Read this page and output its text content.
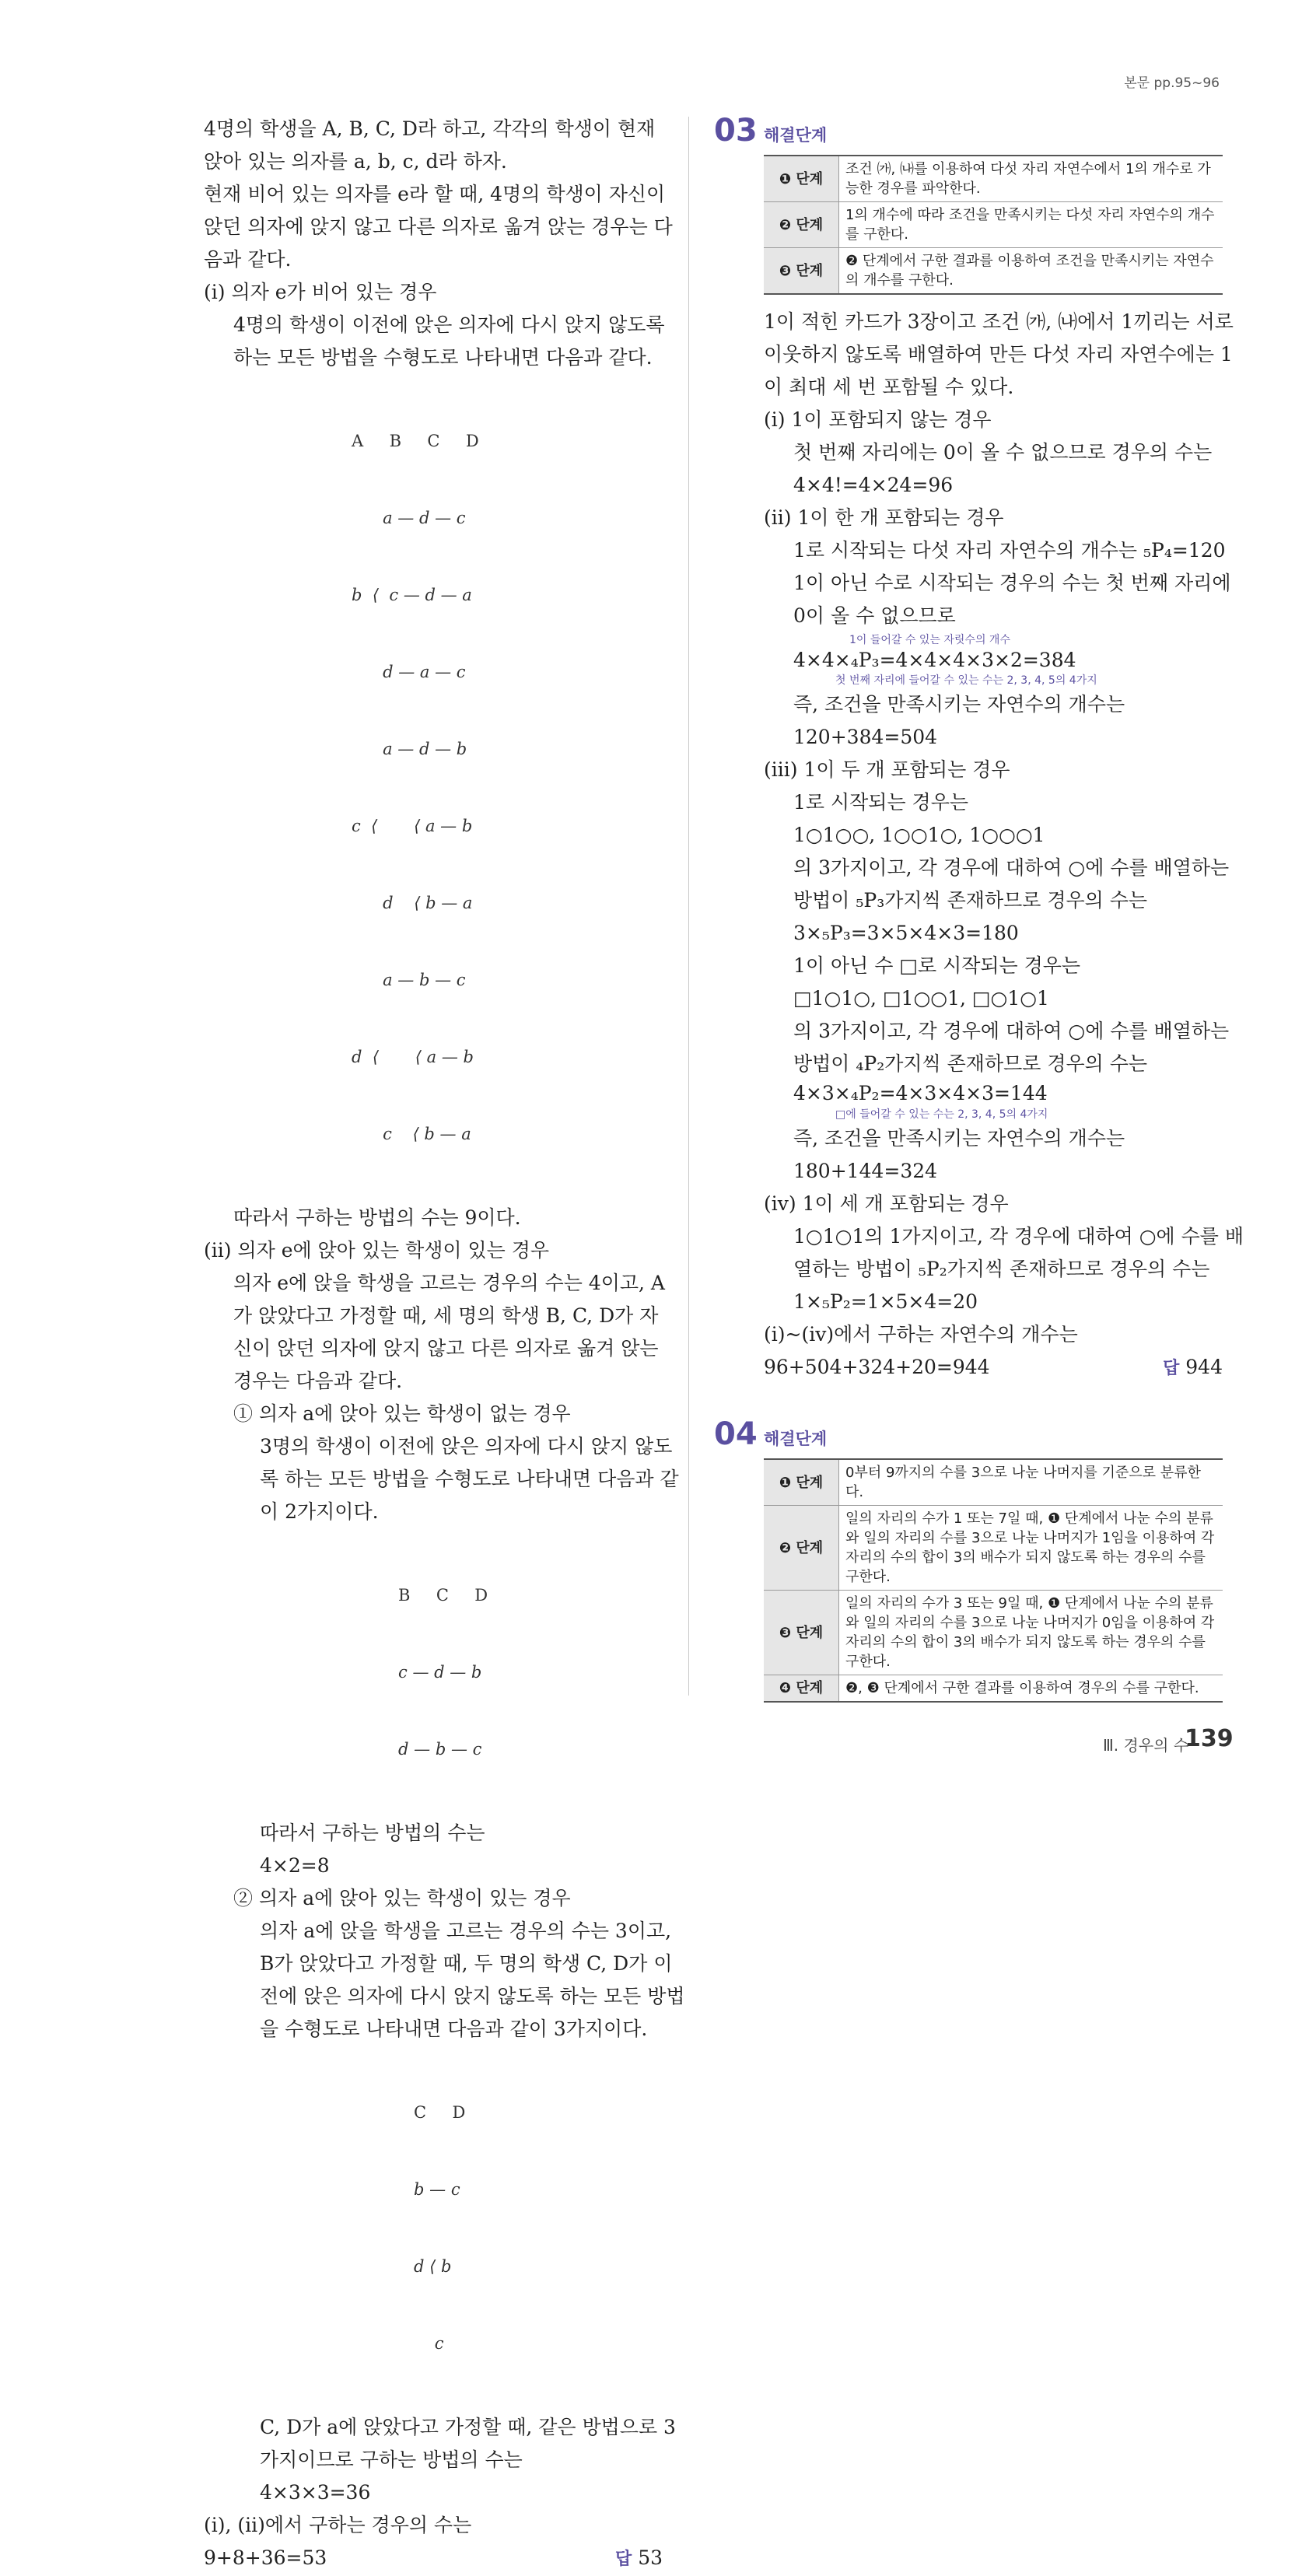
본문 pp.95~96
4명의 학생을 A, B, C, D라 하고, 각각의 학생이 현재
앉아 있는 의자를 a, b, c, d라 하자.
현재 비어 있는 의자를 e라 할 때, 4명의 학생이 자신이
앉던 의자에 앉지 않고 다른 의자로 옮겨 앉는 경우는 다
음과 같다.
(ⅰ) 의자 e가 비어 있는 경우
4명의 학생이 이전에 앉은 의자에 다시 앉지 않도록
하는 모든 방법을 수형도로 나타내면 다음과 같다.

A     B     C     D

a — d — c

b  ⟨  c — d — a

d — a — c

a — d — b

c  ⟨       ⟨ a — b

d    ⟨ b — a

a — b — c

d  ⟨       ⟨ a — b

c    ⟨ b — a

따라서 구하는 방법의 수는 9이다.
(ⅱ) 의자 e에 앉아 있는 학생이 있는 경우
의자 e에 앉을 학생을 고르는 경우의 수는 4이고, A
가 앉았다고 가정할 때, 세 명의 학생 B, C, D가 자
신이 앉던 의자에 앉지 않고 다른 의자로 옮겨 앉는
경우는 다음과 같다.
① 의자 a에 앉아 있는 학생이 없는 경우
3명의 학생이 이전에 앉은 의자에 다시 앉지 않도
록 하는 모든 방법을 수형도로 나타내면 다음과 같
이 2가지이다.

B     C     D

c — d — b

d — b — c

따라서 구하는 방법의 수는
4×2=8
② 의자 a에 앉아 있는 학생이 있는 경우
의자 a에 앉을 학생을 고르는 경우의 수는 3이고,
B가 앉았다고 가정할 때, 두 명의 학생 C, D가 이
전에 앉은 의자에 다시 앉지 않도록 하는 모든 방법
을 수형도로 나타내면 다음과 같이 3가지이다.

C     D

b — c

d ⟨ b

c

C, D가 a에 앉았다고 가정할 때, 같은 방법으로 3
가지이므로 구하는 방법의 수는
4×3×3=36
(ⅰ), (ⅱ)에서 구하는 경우의 수는
9+8+36=53	답 53
03 해결단계
❶ 단계	조건 ㈎, ㈏를 이용하여 다섯 자리 자연수에서 1의 개수로 가능한 경우를 파악한다.
❷ 단계	1의 개수에 따라 조건을 만족시키는 다섯 자리 자연수의 개수를 구한다.
❸ 단계	❷ 단계에서 구한 결과를 이용하여 조건을 만족시키는 자연수의 개수를 구한다.
1이 적힌 카드가 3장이고 조건 ㈎, ㈏에서 1끼리는 서로
이웃하지 않도록 배열하여 만든 다섯 자리 자연수에는 1
이 최대 세 번 포함될 수 있다.
(ⅰ) 1이 포함되지 않는 경우
첫 번째 자리에는 0이 올 수 없으므로 경우의 수는
4×4!=4×24=96
(ⅱ) 1이 한 개 포함되는 경우
1로 시작되는 다섯 자리 자연수의 개수는 ₅P₄=120
1이 아닌 수로 시작되는 경우의 수는 첫 번째 자리에
0이 올 수 없으므로
1이 들어갈 수 있는 자릿수의 개수
4×4×₄P₃=4×4×4×3×2=384
첫 번째 자리에 들어갈 수 있는 수는 2, 3, 4, 5의 4가지
즉, 조건을 만족시키는 자연수의 개수는
120+384=504
(ⅲ) 1이 두 개 포함되는 경우
1로 시작되는 경우는
1○1○○, 1○○1○, 1○○○1
의 3가지이고, 각 경우에 대하여 ○에 수를 배열하는
방법이 ₅P₃가지씩 존재하므로 경우의 수는
3×₅P₃=3×5×4×3=180
1이 아닌 수 □로 시작되는 경우는
□1○1○, □1○○1, □○1○1
의 3가지이고, 각 경우에 대하여 ○에 수를 배열하는
방법이 ₄P₂가지씩 존재하므로 경우의 수는
4×3×₄P₂=4×3×4×3=144
□에 들어갈 수 있는 수는 2, 3, 4, 5의 4가지
즉, 조건을 만족시키는 자연수의 개수는
180+144=324
(ⅳ) 1이 세 개 포함되는 경우
1○1○1의 1가지이고, 각 경우에 대하여 ○에 수를 배
열하는 방법이 ₅P₂가지씩 존재하므로 경우의 수는
1×₅P₂=1×5×4=20
(ⅰ)~(ⅳ)에서 구하는 자연수의 개수는
96+504+324+20=944	답 944
04 해결단계
❶ 단계	0부터 9까지의 수를 3으로 나눈 나머지를 기준으로 분류한다.
❷ 단계	일의 자리의 수가 1 또는 7일 때, ❶ 단계에서 나눈 수의 분류와 일의 자리의 수를 3으로 나눈 나머지가 1임을 이용하여 각 자리의 수의 합이 3의 배수가 되지 않도록 하는 경우의 수를 구한다.
❸ 단계	일의 자리의 수가 3 또는 9일 때, ❶ 단계에서 나눈 수의 분류와 일의 자리의 수를 3으로 나눈 나머지가 0임을 이용하여 각 자리의 수의 합이 3의 배수가 되지 않도록 하는 경우의 수를 구한다.
❹ 단계	❷, ❸ 단계에서 구한 결과를 이용하여 경우의 수를 구한다.
Ⅲ. 경우의 수
139
